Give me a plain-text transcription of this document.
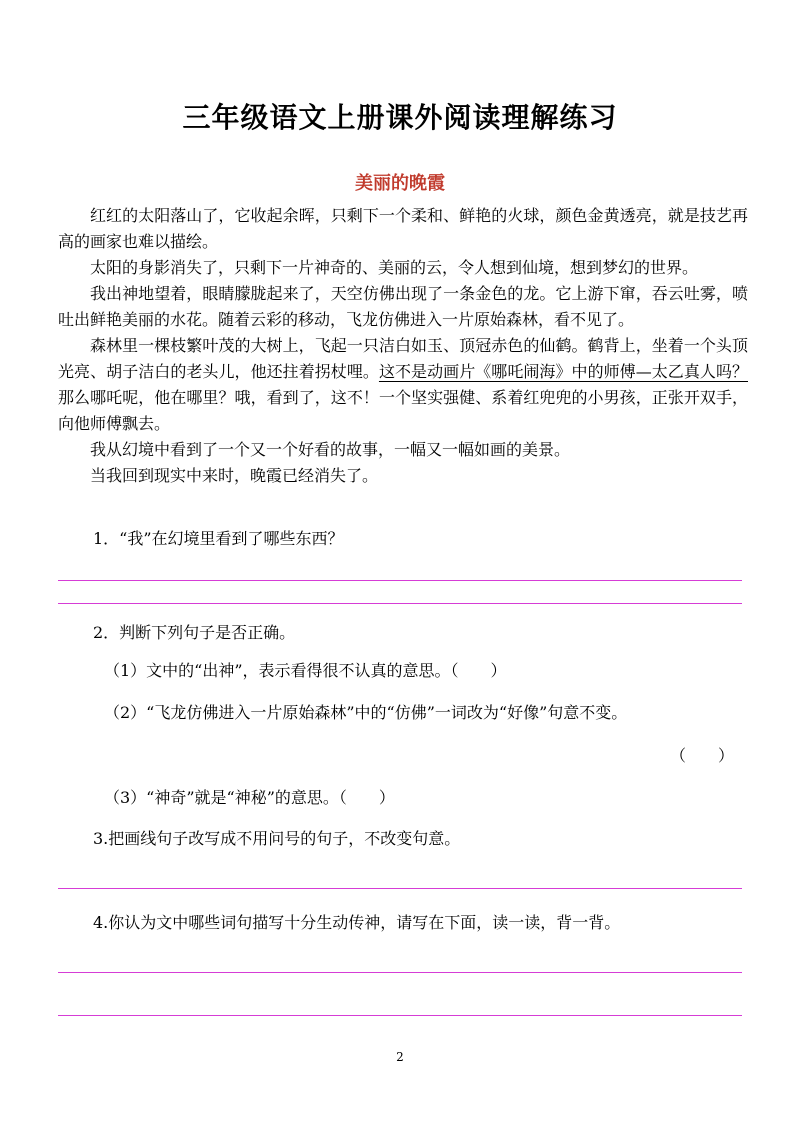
三年级语文上册课外阅读理解练习
美丽的晚霞

红红的太阳落山了，它收起余晖，只剩下一个柔和、鲜艳的火球，颜色金黄透亮，就是技艺再高的画家也难以描绘。

太阳的身影消失了，只剩下一片神奇的、美丽的云，令人想到仙境，想到梦幻的世界。

我出神地望着，眼睛朦胧起来了，天空仿佛出现了一条金色的龙。它上游下窜，吞云吐雾，喷吐出鲜艳美丽的水花。随着云彩的移动，飞龙仿佛进入一片原始森林，看不见了。

森林里一棵枝繁叶茂的大树上，飞起一只洁白如玉、顶冠赤色的仙鹤。鹤背上，坐着一个头顶光亮、胡子洁白的老头儿，他还拄着拐杖哩。这不是动画片《哪吒闹海》中的师傅—太乙真人吗？那么哪吒呢，他在哪里？哦，看到了，这不！一个坚实强健、系着红兜兜的小男孩，正张开双手，向他师傅飘去。

我从幻境中看到了一个又一个好看的故事，一幅又一幅如画的美景。

当我回到现实中来时，晚霞已经消失了。

1．“我”在幻境里看到了哪些东西？
2．判断下列句子是否正确。
（1）文中的“出神”，表示看得很不认真的意思。（　　）
（2）“飞龙仿佛进入一片原始森林”中的“仿佛”一词改为“好像”句意不变。
（　　）
（3）“神奇”就是“神秘”的意思。（　　）
3.把画线句子改写成不用问号的句子，不改变句意。
4.你认为文中哪些词句描写十分生动传神，请写在下面，读一读，背一背。
2
